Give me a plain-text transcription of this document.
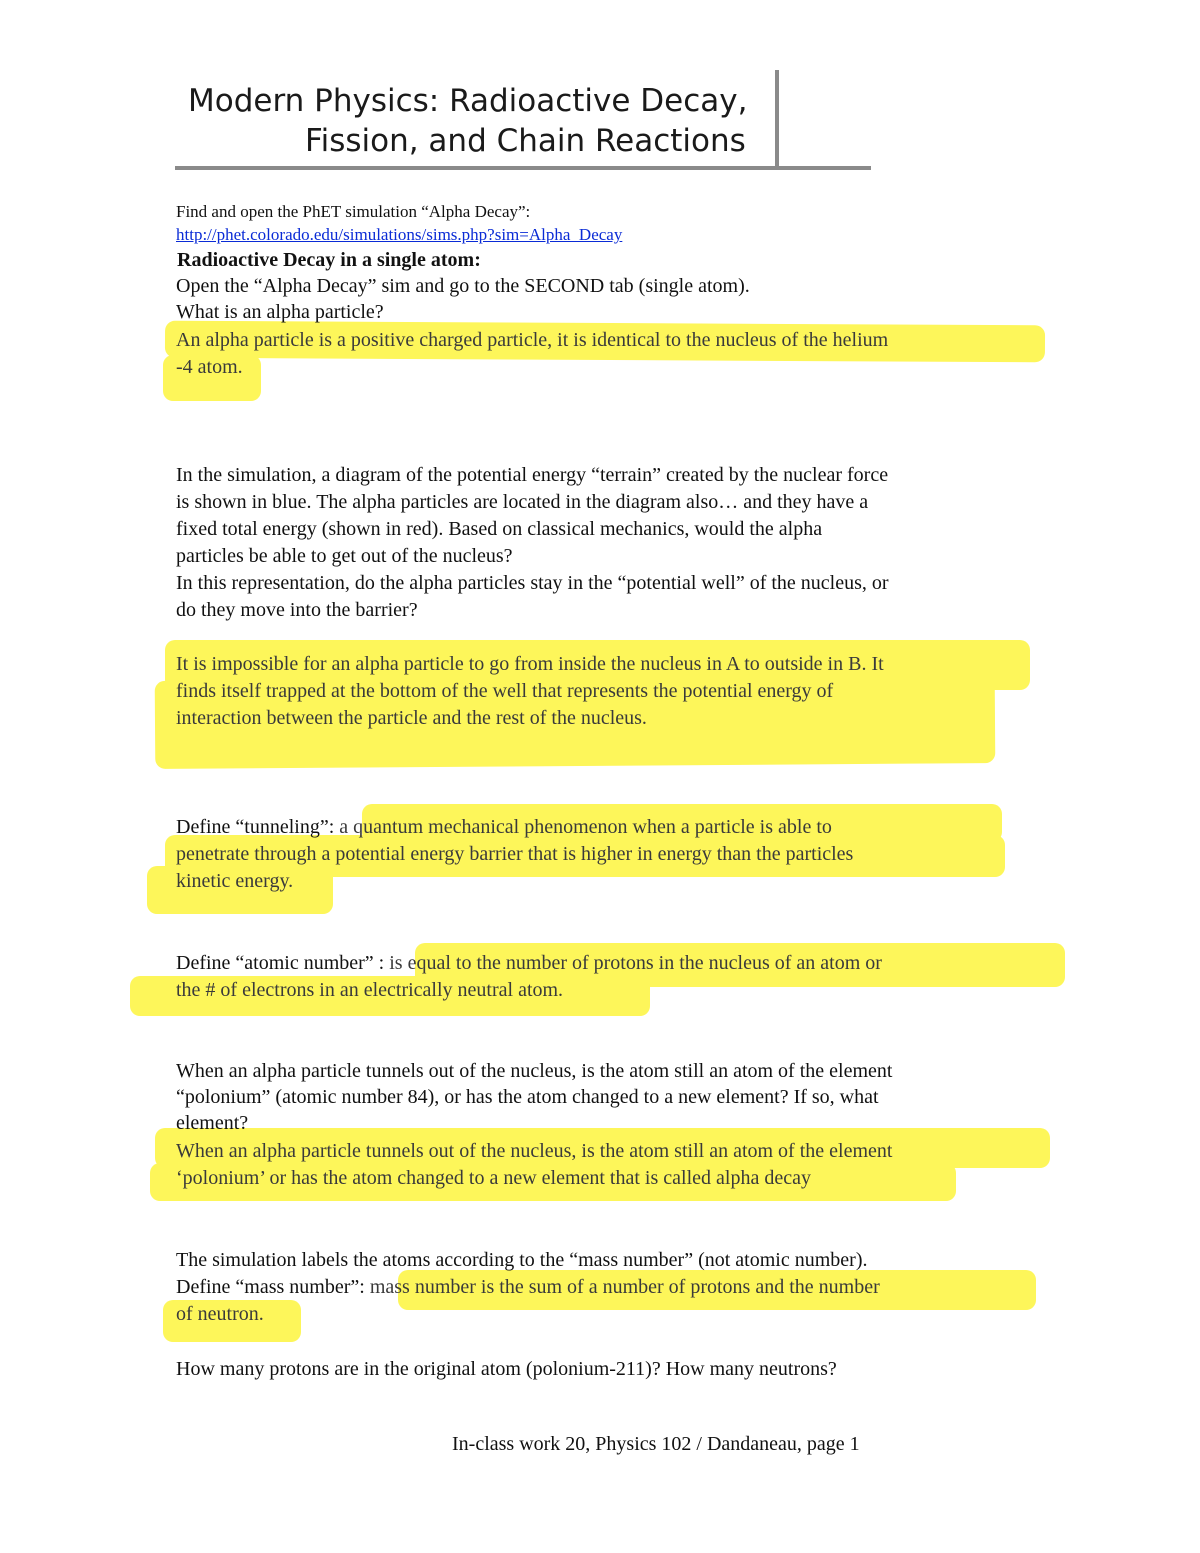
Modern Physics: Radioactive Decay,
Fission, and Chain Reactions
Find and open the PhET simulation “Alpha Decay”:
http://phet.colorado.edu/simulations/sims.php?sim=Alpha_Decay
Radioactive Decay in a single atom:
Open the “Alpha Decay” sim and go to the SECOND tab (single atom).
What is an alpha particle?
An alpha particle is a positive charged particle, it is identical to the nucleus of the helium
-4 atom.
In the simulation, a diagram of the potential energy “terrain” created by the nuclear force
is shown in blue. The alpha particles are located in the diagram also… and they have a
fixed total energy (shown in red). Based on classical mechanics, would the alpha
particles be able to get out of the nucleus?
In this representation, do the alpha particles stay in the “potential well” of the nucleus, or
do they move into the barrier?
It is impossible for an alpha particle to go from inside the nucleus in A to outside in B. It
finds itself trapped at the bottom of the well that represents the potential energy of
interaction between the particle and the rest of the nucleus.
Define “tunneling”: a quantum mechanical phenomenon when a particle is able to
penetrate through a potential energy barrier that is higher in energy than the particles
kinetic energy.
Define “atomic number” : is equal to the number of protons in the nucleus of an atom or
the # of electrons in an electrically neutral atom.
When an alpha particle tunnels out of the nucleus, is the atom still an atom of the element
“polonium” (atomic number 84), or has the atom changed to a new element? If so, what
element?
When an alpha particle tunnels out of the nucleus, is the atom still an atom of the element
‘polonium’ or has the atom changed to a new element that is called alpha decay
The simulation labels the atoms according to the “mass number” (not atomic number).
Define “mass number”: mass number is the sum of a number of protons and the number
of neutron.
How many protons are in the original atom (polonium-211)? How many neutrons?
In-class work 20, Physics 102 / Dandaneau, page 1
